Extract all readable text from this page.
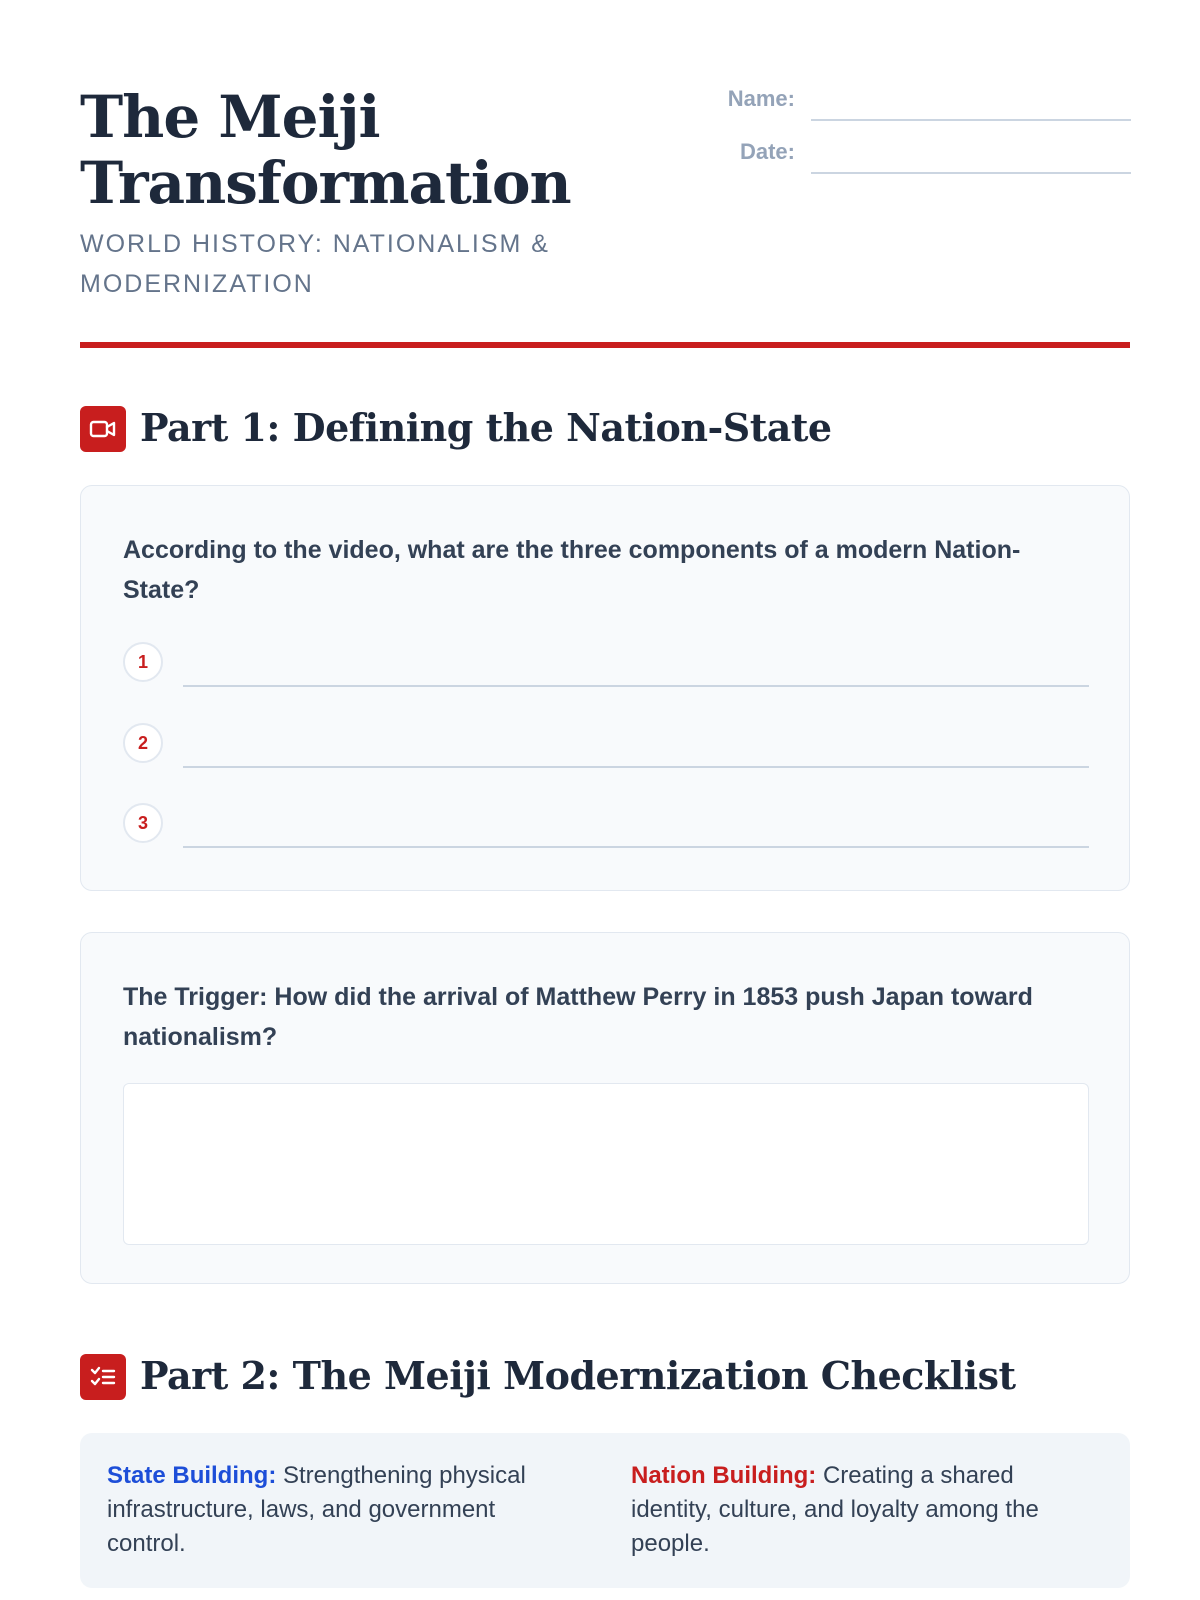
The Meiji Transformation
WORLD HISTORY: NATIONALISM & MODERNIZATION
Name:
Date:
Part 1: Defining the Nation-State

According to the video, what are the three components of a modern Nation-State?

1
2
3

The Trigger: How did the arrival of Matthew Perry in 1853 push Japan toward nationalism?

Part 2: The Meiji Modernization Checklist

State Building: Strengthening physical infrastructure, laws, and government control.

Nation Building: Creating a shared identity, culture, and loyalty among the people.
